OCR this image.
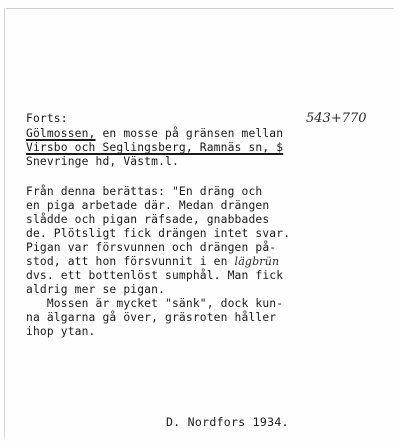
543+770
Forts:
Gölmossen, en mosse på gränsen mellan
Virsbo och Seglingsberg, Ramnäs sn, $
Snevringe hd, Västm.l.
Från denna berättas: "En dräng och
en piga arbetade där. Medan drängen
slådde och pigan räfsade, gnabbades
de. Plötsligt fick drängen intet svar.
Pigan var försvunnen och drängen på-
stod, att hon försvunnit i en lägbrün
dvs. ett bottenlöst sumphål. Man fick
aldrig mer se pigan.
Mossen är mycket "sänk", dock kun-
na älgarna gå över, gräsroten håller
ihop ytan.
D. Nordfors 1934.
